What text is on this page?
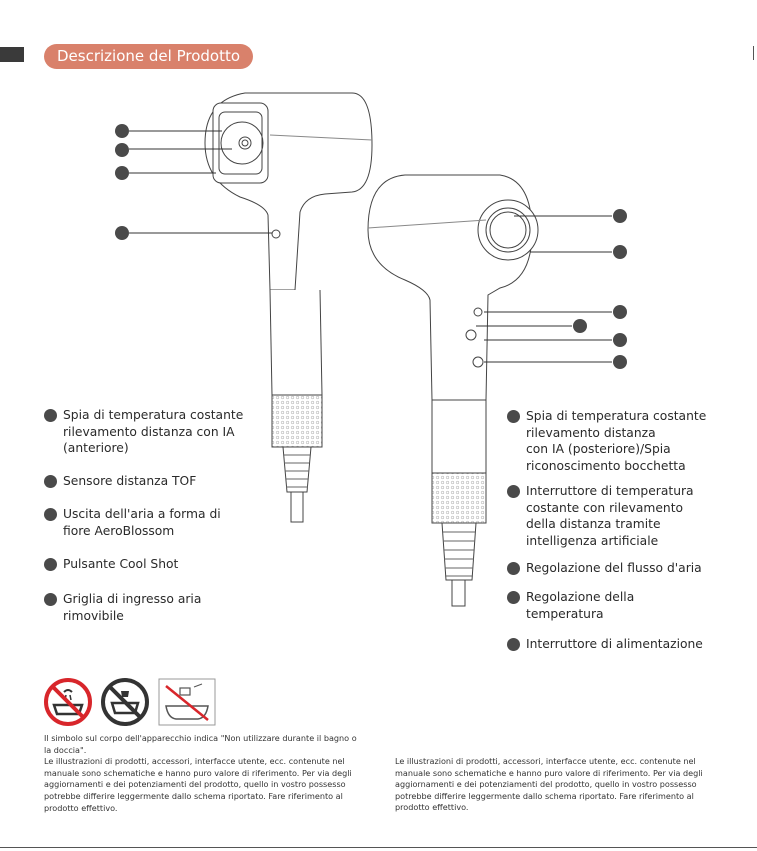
Descrizione del Prodotto
Spia di temperatura costante
rilevamento distanza con IA
(anteriore)
Sensore distanza TOF
Uscita dell'aria a forma di
fiore AeroBlossom
Pulsante Cool Shot
Griglia di ingresso aria
rimovibile
Spia di temperatura costante
rilevamento distanza
con IA (posteriore)/Spia
riconoscimento bocchetta
Interruttore di temperatura
costante con rilevamento
della distanza tramite
intelligenza artificiale
Regolazione del flusso d'aria
Regolazione della
temperatura
Interruttore di alimentazione
Il simbolo sul corpo dell'apparecchio indica "Non utilizzare durante il bagno o la doccia".
Le illustrazioni di prodotti, accessori, interfacce utente, ecc. contenute nel manuale sono schematiche e hanno puro valore di riferimento. Per via degli aggiornamenti e dei potenziamenti del prodotto, quello in vostro possesso potrebbe differire leggermente dallo schema riportato. Fare riferimento al prodotto effettivo.
Le illustrazioni di prodotti, accessori, interfacce utente, ecc. contenute nel manuale sono schematiche e hanno puro valore di riferimento. Per via degli aggiornamenti e dei potenziamenti del prodotto, quello in vostro possesso potrebbe differire leggermente dallo schema riportato. Fare riferimento al prodotto effettivo.
